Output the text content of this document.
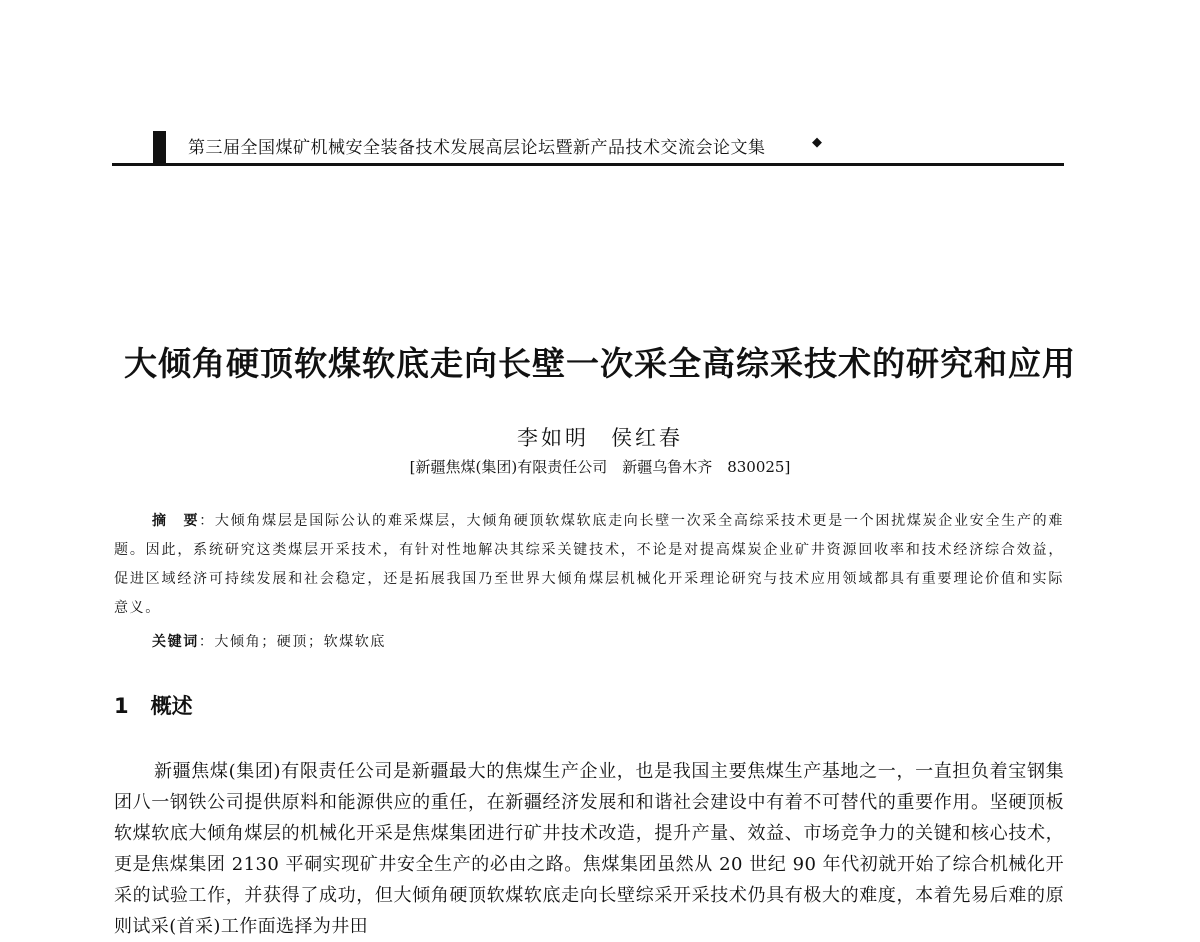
第三届全国煤矿机械安全装备技术发展高层论坛暨新产品技术交流会论文集	◆
大倾角硬顶软煤软底走向长壁一次采全高综采技术的研究和应用
李如明 侯红春
[新疆焦煤(集团)有限责任公司　新疆乌鲁木齐　830025]
摘　要：大倾角煤层是国际公认的难采煤层，大倾角硬顶软煤软底走向长壁一次采全高综采技术更是一个困扰煤炭企业安全生产的难题。因此，系统研究这类煤层开采技术，有针对性地解决其综采关键技术，不论是对提高煤炭企业矿井资源回收率和技术经济综合效益，促进区域经济可持续发展和社会稳定，还是拓展我国乃至世界大倾角煤层机械化开采理论研究与技术应用领域都具有重要理论价值和实际意义。
关键词：大倾角；硬顶；软煤软底
1 概述
新疆焦煤(集团)有限责任公司是新疆最大的焦煤生产企业，也是我国主要焦煤生产基地之一，一直担负着宝钢集团八一钢铁公司提供原料和能源供应的重任，在新疆经济发展和和谐社会建设中有着不可替代的重要作用。坚硬顶板软煤软底大倾角煤层的机械化开采是焦煤集团进行矿井技术改造，提升产量、效益、市场竞争力的关键和核心技术，更是焦煤集团 2130 平硐实现矿井安全生产的必由之路。焦煤集团虽然从 20 世纪 90 年代初就开始了综合机械化开采的试验工作，并获得了成功，但大倾角硬顶软煤软底走向长壁综采开采技术仍具有极大的难度，本着先易后难的原则试采(首采)工作面选择为井田
